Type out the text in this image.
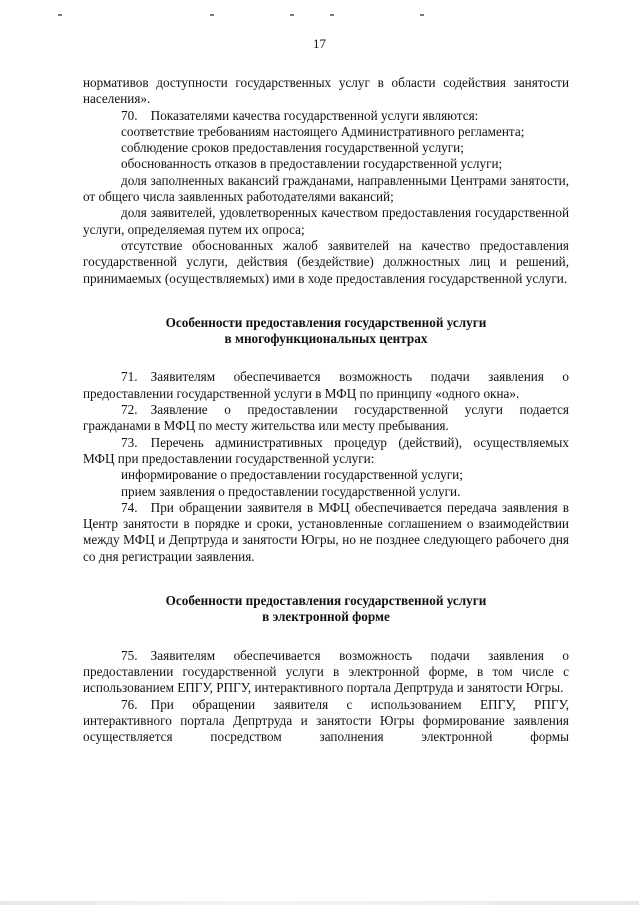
17

нормативов доступности государственных услуг в области содействия занятости населения».

70. Показателями качества государственной услуги являются:

соответствие требованиям настоящего Административного регламента;

соблюдение сроков предоставления государственной услуги;

обоснованность отказов в предоставлении государственной услуги;

доля заполненных вакансий гражданами, направленными Центрами занятости, от общего числа заявленных работодателями вакансий;

доля заявителей, удовлетворенных качеством предоставления государственной услуги, определяемая путем их опроса;

отсутствие обоснованных жалоб заявителей на качество предоставления государственной услуги, действия (бездействие) должностных лиц и решений, принимаемых (осуществляемых) ими в ходе предоставления государственной услуги.

Особенности предоставления государственной услуги

в многофункциональных центрах

71. Заявителям обеспечивается возможность подачи заявления о предоставлении государственной услуги в МФЦ по принципу «одного окна».

72. Заявление о предоставлении государственной услуги подается гражданами в МФЦ по месту жительства или месту пребывания.

73. Перечень административных процедур (действий), осуществляемых МФЦ при предоставлении государственной услуги:

информирование о предоставлении государственной услуги;

прием заявления о предоставлении государственной услуги.

74. При обращении заявителя в МФЦ обеспечивается передача заявления в Центр занятости в порядке и сроки, установленные соглашением о взаимодействии между МФЦ и Депртруда и занятости Югры, но не позднее следующего рабочего дня со дня регистрации заявления.

Особенности предоставления государственной услуги

в электронной форме

75. Заявителям обеспечивается возможность подачи заявления о предоставлении государственной услуги в электронной форме, в том числе с использованием ЕПГУ, РПГУ, интерактивного портала Депртруда и занятости Югры.

76. При обращении заявителя с использованием ЕПГУ, РПГУ, интерактивного портала Депртруда и занятости Югры формирование заявления осуществляется посредством заполнения электронной формы
